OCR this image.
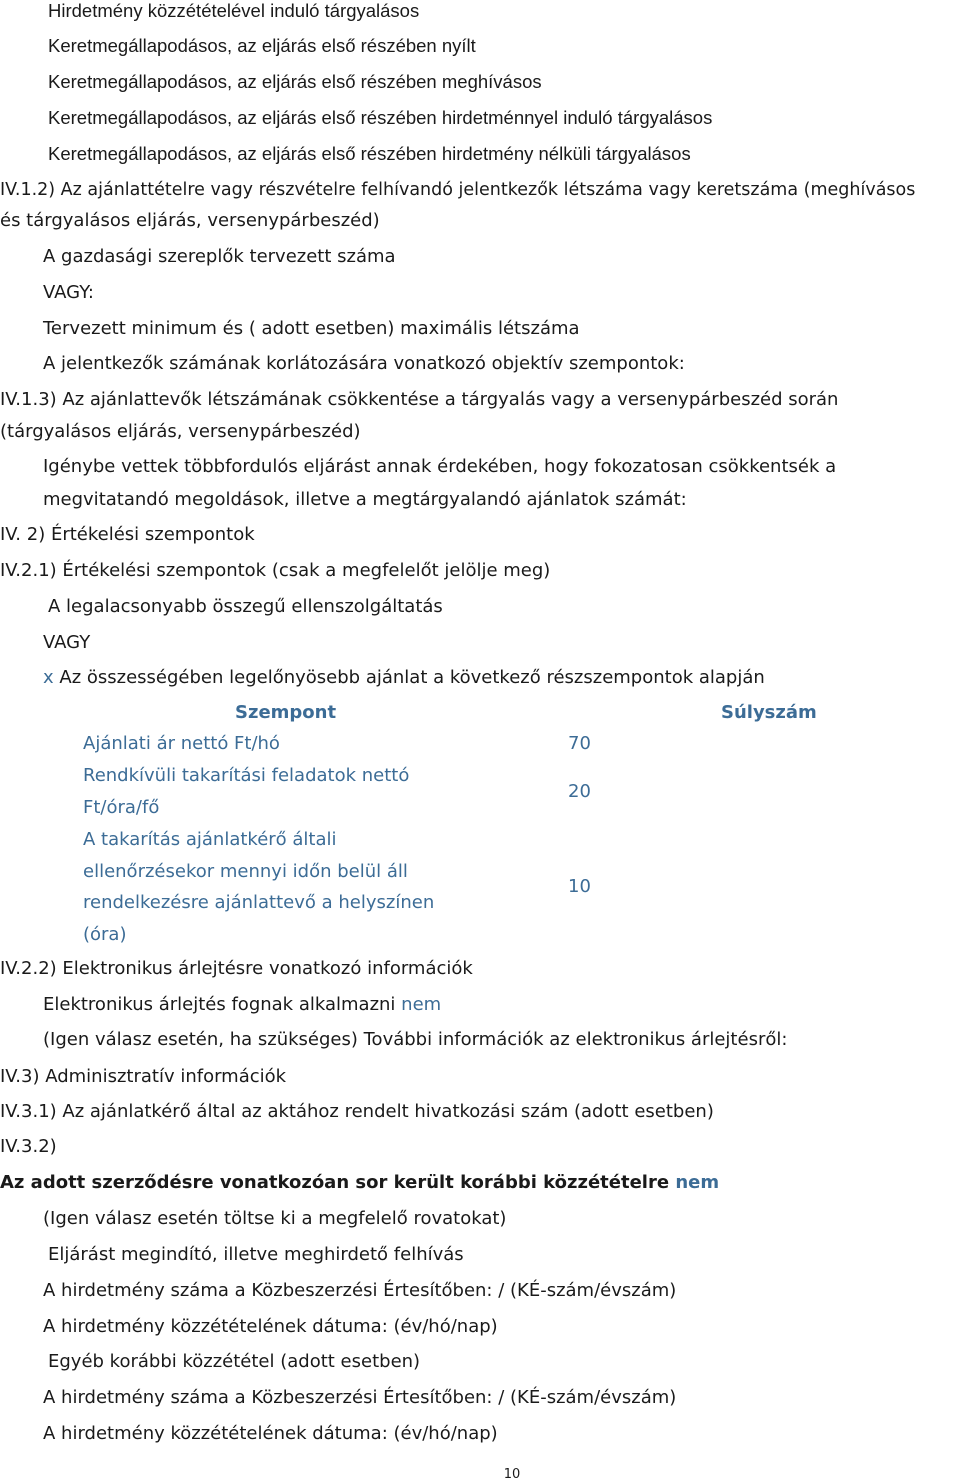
Hirdetmény közzétételével induló tárgyalásos

Keretmegállapodásos, az eljárás első részében nyílt

Keretmegállapodásos, az eljárás első részében meghívásos

Keretmegállapodásos, az eljárás első részében hirdetménnyel induló tárgyalásos

Keretmegállapodásos, az eljárás első részében hirdetmény nélküli tárgyalásos

IV.1.2) Az ajánlattételre vagy részvételre felhívandó jelentkezők létszáma vagy keretszáma (meghívásos

és tárgyalásos eljárás, versenypárbeszéd)

A gazdasági szereplők tervezett száma

VAGY:

Tervezett minimum és ( adott esetben) maximális létszáma

A jelentkezők számának korlátozására vonatkozó objektív szempontok:

IV.1.3) Az ajánlattevők létszámának csökkentése a tárgyalás vagy a versenypárbeszéd során

(tárgyalásos eljárás, versenypárbeszéd)

Igénybe vettek többfordulós eljárást annak érdekében, hogy fokozatosan csökkentsék a

megvitatandó megoldások, illetve a megtárgyalandó ajánlatok számát:

IV. 2) Értékelési szempontok

IV.2.1) Értékelési szempontok (csak a megfelelőt jelölje meg)

A legalacsonyabb összegű ellenszolgáltatás

VAGY

x Az összességében legelőnyösebb ajánlat a következő részszempontok alapján

Szempont	Súlyszám

Ajánlati ár nettó Ft/hó	70

Rendkívüli takarítási feladatok nettó

Ft/óra/fő

20

A takarítás ajánlatkérő általi

ellenőrzésekor mennyi időn belül áll

rendelkezésre ajánlattevő a helyszínen

(óra)

10

IV.2.2) Elektronikus árlejtésre vonatkozó információk

Elektronikus árlejtés fognak alkalmazni nem

(Igen válasz esetén, ha szükséges) További információk az elektronikus árlejtésről:

IV.3) Adminisztratív információk

IV.3.1) Az ajánlatkérő által az aktához rendelt hivatkozási szám (adott esetben)

IV.3.2)

Az adott szerződésre vonatkozóan sor került korábbi közzétételre nem

(Igen válasz esetén töltse ki a megfelelő rovatokat)

Eljárást megindító, illetve meghirdető felhívás

A hirdetmény száma a Közbeszerzési Értesítőben: / (KÉ-szám/évszám)

A hirdetmény közzétételének dátuma: (év/hó/nap)

Egyéb korábbi közzététel (adott esetben)

A hirdetmény száma a Közbeszerzési Értesítőben: / (KÉ-szám/évszám)

A hirdetmény közzétételének dátuma: (év/hó/nap)

10
